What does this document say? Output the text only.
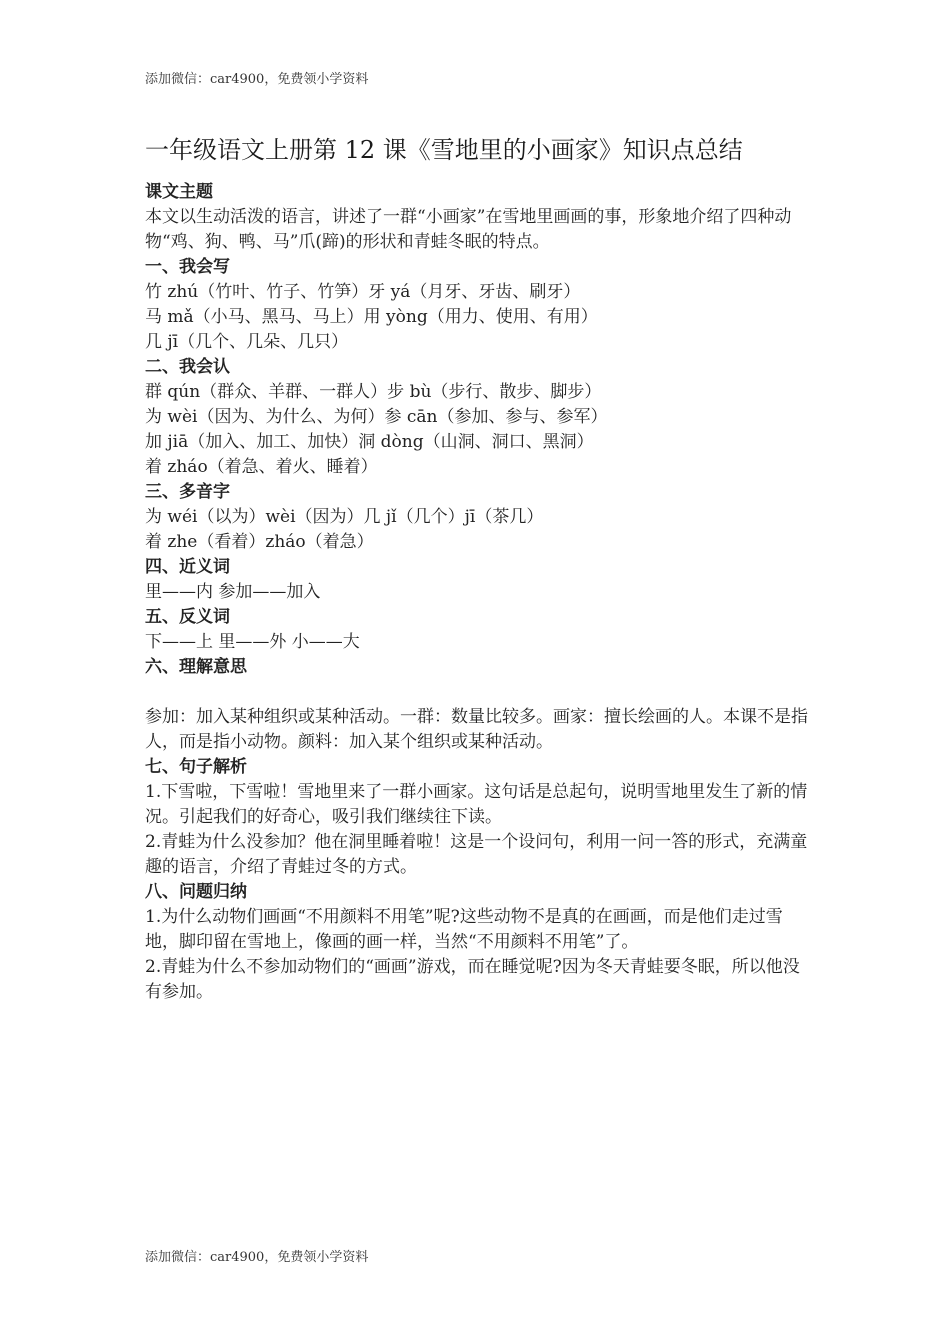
添加微信：car4900，免费领小学资料
一年级语文上册第 12 课《雪地里的小画家》知识点总结

课文主题

本文以生动活泼的语言，讲述了一群“小画家”在雪地里画画的事，形象地介绍了四种动物“鸡、狗、鸭、马”爪(蹄)的形状和青蛙冬眠的特点。

一、我会写

竹 zhú（竹叶、竹子、竹笋）牙 yá（月牙、牙齿、刷牙）

马 mǎ（小马、黑马、马上）用 yòng（用力、使用、有用）

几 jī（几个、几朵、几只）

二、我会认

群 qún（群众、羊群、一群人）步 bù（步行、散步、脚步）

为 wèi（因为、为什么、为何）参 cān（参加、参与、参军）

加 jiā（加入、加工、加快）洞 dòng（山洞、洞口、黑洞）

着 zháo（着急、着火、睡着）

三、多音字

为 wéi（以为）wèi（因为）几 jǐ（几个）jī（茶几）

着 zhe（看着）zháo（着急）

四、近义词

里——内 参加——加入

五、反义词

下——上 里——外 小——大

六、理解意思

参加：加入某种组织或某种活动。一群：数量比较多。画家：擅长绘画的人。本课不是指人，而是指小动物。颜料：加入某个组织或某种活动。

七、句子解析

1.下雪啦，下雪啦！雪地里来了一群小画家。这句话是总起句，说明雪地里发生了新的情况。引起我们的好奇心，吸引我们继续往下读。

2.青蛙为什么没参加？他在洞里睡着啦！这是一个设问句，利用一问一答的形式，充满童趣的语言，介绍了青蛙过冬的方式。

八、问题归纳

1.为什么动物们画画“不用颜料不用笔”呢?这些动物不是真的在画画，而是他们走过雪地，脚印留在雪地上，像画的画一样，当然“不用颜料不用笔”了。

2.青蛙为什么不参加动物们的“画画”游戏，而在睡觉呢?因为冬天青蛙要冬眠，所以他没有参加。

添加微信：car4900，免费领小学资料
